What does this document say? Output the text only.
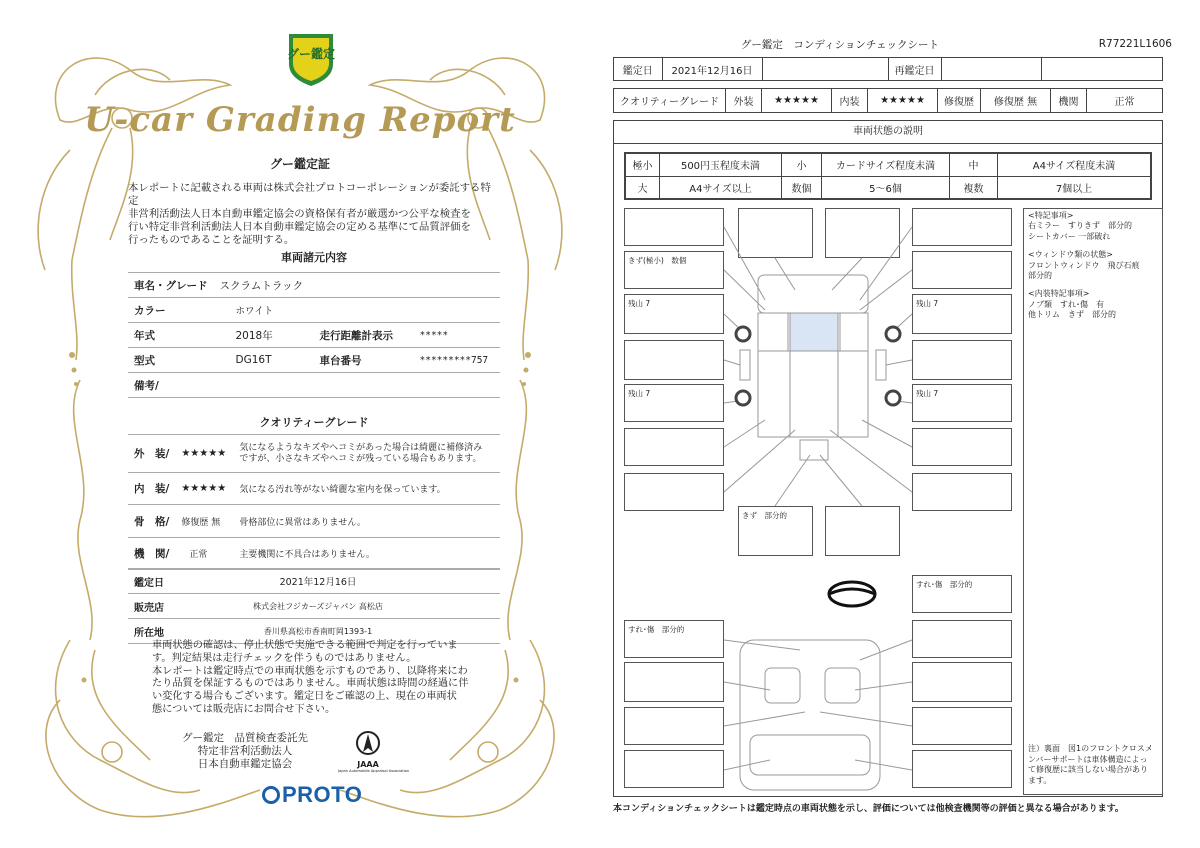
グー鑑定
U-car Grading Report
グー鑑定証
本レポートに記載される車両は株式会社プロトコーポレーションが委託する特定
非営利活動法人日本自動車鑑定協会の資格保有者が厳選かつ公平な検査を
行い特定非営利活動法人日本自動車鑑定協会の定める基準にて品質評価を
行ったものであることを証明する。
車両諸元内容
車名・グレード	スクラムトラック		
カラー	ホワイト		
年式	2018年	走行距離計表示	*****
型式	DG16T	車台番号	*********757
備考/			
クオリティーグレード
外　装/	★★★★★	気になるようなキズやヘコミがあった場合は綺麗に補修済み
ですが、小さなキズやヘコミが残っている場合もあります。

内　装/	★★★★★	気になる汚れ等がない綺麗な室内を保っています。
骨　格/	修復歴 無	骨格部位に異常はありません。
機　関/	正常	主要機関に不具合はありません。
鑑定日	2021年12月16日
販売店	株式会社フジカーズジャパン 高松店
所在地	香川県高松市香南町岡1393-1
車両状態の確認は、停止状態で実施できる範囲で判定を行っていま
す。判定結果は走行チェックを伴うものではありません。
本レポートは鑑定時点での車両状態を示すものであり、以降将来にわ
たり品質を保証するものではありません。車両状態は時間の経過に伴
い変化する場合もございます。鑑定日をご確認の上、現在の車両状
態については販売店にお問合せ下さい。
グー鑑定　品質検査委託先
特定非営利活動法人
日本自動車鑑定協会	JAAA
Japan Automobile Appraisal Association
PROTO
グー鑑定　コンディションチェックシート	R77221L1606
鑑定日	2021年12月16日		再鑑定日		
クオリティーグレード	外装	★★★★★	内装	★★★★★	修復歴	修復歴 無	機関	正常
車両状態の説明
極小	500円玉程度未満	小	カードサイズ程度未満	中	A4サイズ程度未満
大	A4サイズ以上	数個	5〜6個	複数	7個以上
きず(極小)　数個
残山 7
残山 7
すれ･傷　部分的
残山 7
残山 7
すれ･傷　部分的
きず　部分的
<特記事項>
右ミラー　すりきず　部分的
シートカバー 一部破れ
<ウィンドウ類の状態>
フロントウィンドウ　飛び石痕
部分的
<内装特記事項>
ノブ類　すれ･傷　有
他トリム　きず　部分的
注）裏面　図1のフロントクロスメ
ンバーサポートは車体構造によっ
て修復歴に該当しない場合があり
ます。
本コンディションチェックシートは鑑定時点の車両状態を示し、評価については他検査機関等の評価と異なる場合があります。
